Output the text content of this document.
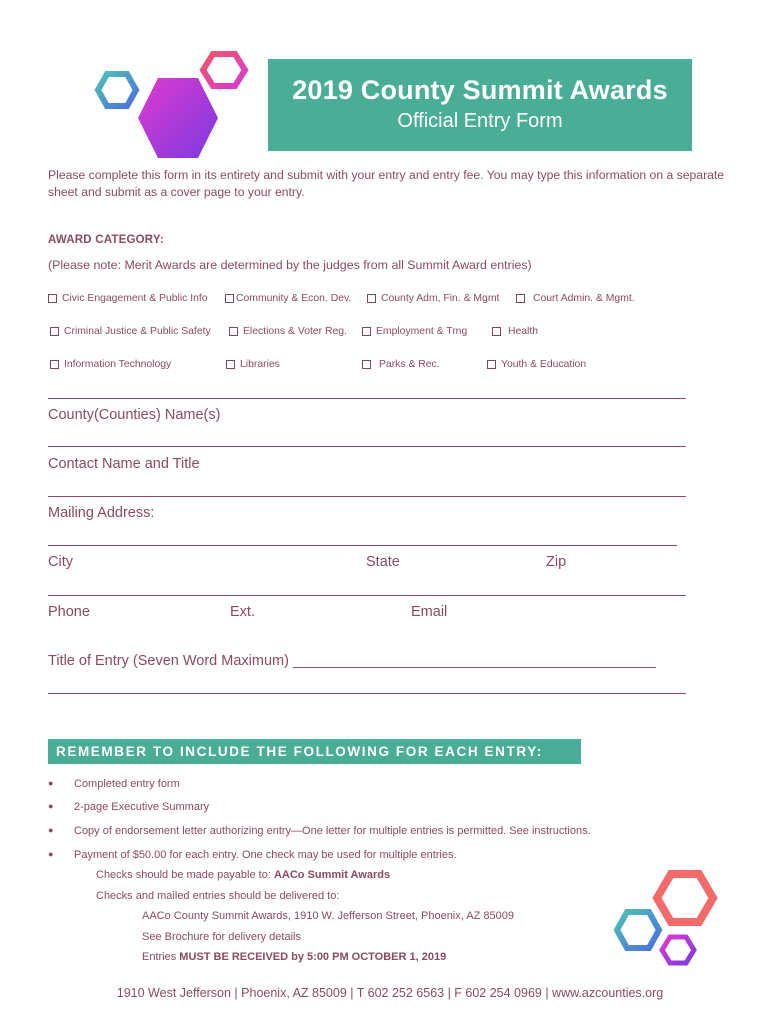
2019 County Summit Awards
Official Entry Form
Please complete this form in its entirety and submit with your entry and entry fee. You may type this information on a separate sheet and submit as a cover page to your entry.
AWARD CATEGORY:
(Please note: Merit Awards are determined by the judges from all Summit Award entries)
Civic Engagement & Public Info	Community & Econ. Dev.	County Adm, Fin. & Mgmt	Court Admin. & Mgmt.
Criminal Justice & Public Safety	Elections & Voter Reg.	Employment & Trng	Health
Information Technology	Libraries	Parks & Rec.	Youth & Education
County(Counties) Name(s)
Contact Name and Title
Mailing Address:
City	State	Zip
Phone	Ext.	Email
Title of Entry (Seven Word Maximum) _____________________________________________
REMEMBER TO INCLUDE THE FOLLOWING FOR EACH ENTRY:
●	Completed entry form
●	2-page Executive Summary
●	Copy of endorsement letter authorizing entry—One letter for multiple entries is permitted. See instructions.
●	Payment of $50.00 for each entry. One check may be used for multiple entries.
Checks should be made payable to: AACo Summit Awards
Checks and mailed entries should be delivered to:
AACo County Summit Awards, 1910 W. Jefferson Street, Phoenix, AZ 85009
See Brochure for delivery details
Entries MUST BE RECEIVED by 5:00 PM OCTOBER 1, 2019
1910 West Jefferson | Phoenix, AZ 85009 | T 602 252 6563 | F 602 254 0969 | www.azcounties.org
